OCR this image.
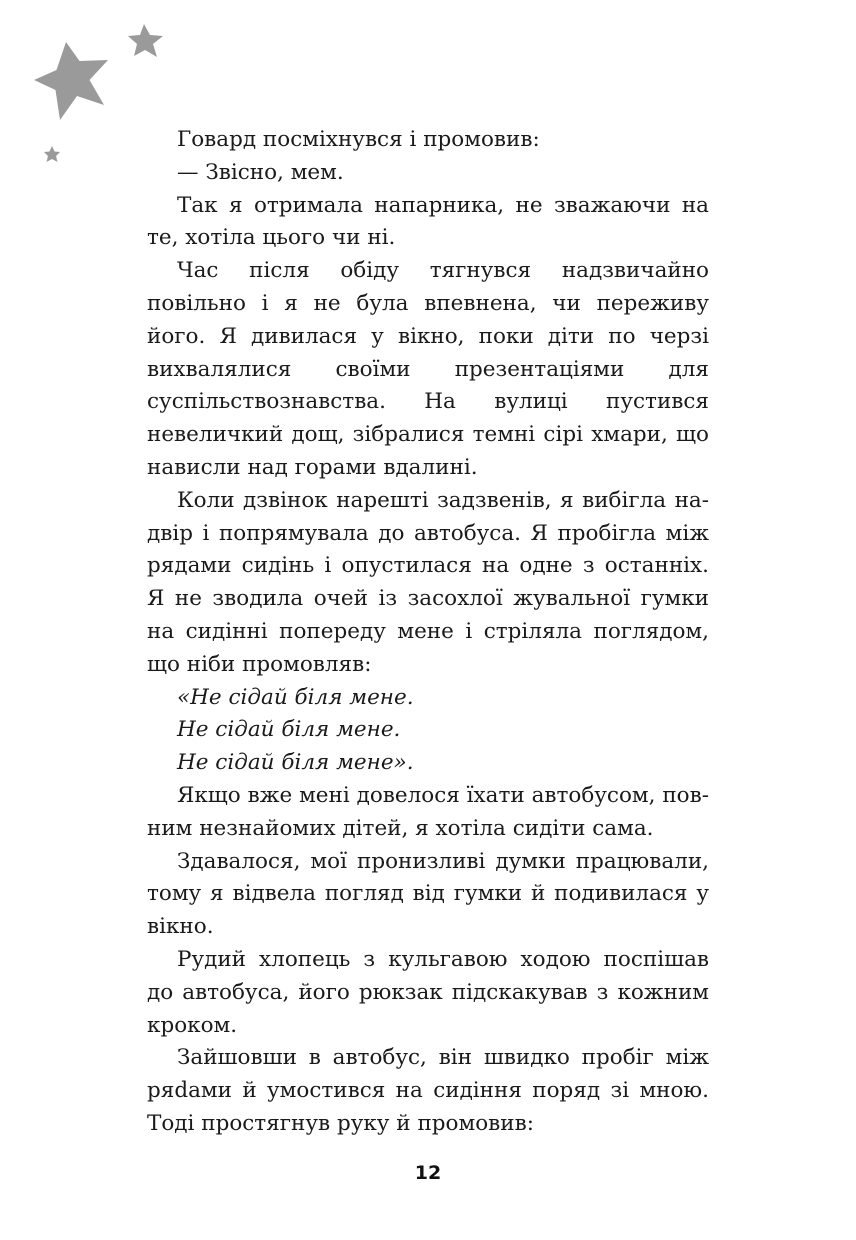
Говард посміхнувся і промовив:

— Звісно, мем.

Так я отримала напарника, не зважаючи на те, хотіла цього чи ні.

Час після обіду тягнувся надзвичайно повільно і я не була впевнена, чи переживу його. Я дивилася у вікно, поки діти по черзі вихвалялися своїми презентаціями для суспільствознавства. На вулиці пустився невеличкий дощ, зібралися темні сірі хмари, що нависли над горами вдалині.

Коли дзвінок нарешті задзвенів, я вибігла надвір і попрямувала до автобуса. Я пробігла між рядами сидінь і опустилася на одне з останніх. Я не зводила очей із засохлої жувальної гумки на сидінні попереду мене і стріляла поглядом, що ніби промовляв:

«Не сідай біля мене.

Не сідай біля мене.

Не сідай біля мене».

Якщо вже мені довелося їхати автобусом, повним незнайомих дітей, я хотіла сидіти сама.

Здавалося, мої пронизливі думки працювали, тому я відвела погляд від гумки й подивилася у вікно.

Рудий хлопець з кульгавою ходою поспішав до автобуса, його рюкзак підскакував з кожним кроком.

Зайшовши в автобус, він швидко пробіг між ряdами й умостився на сидіння поряд зі мною. Тоді простягнув руку й промовив:

12
